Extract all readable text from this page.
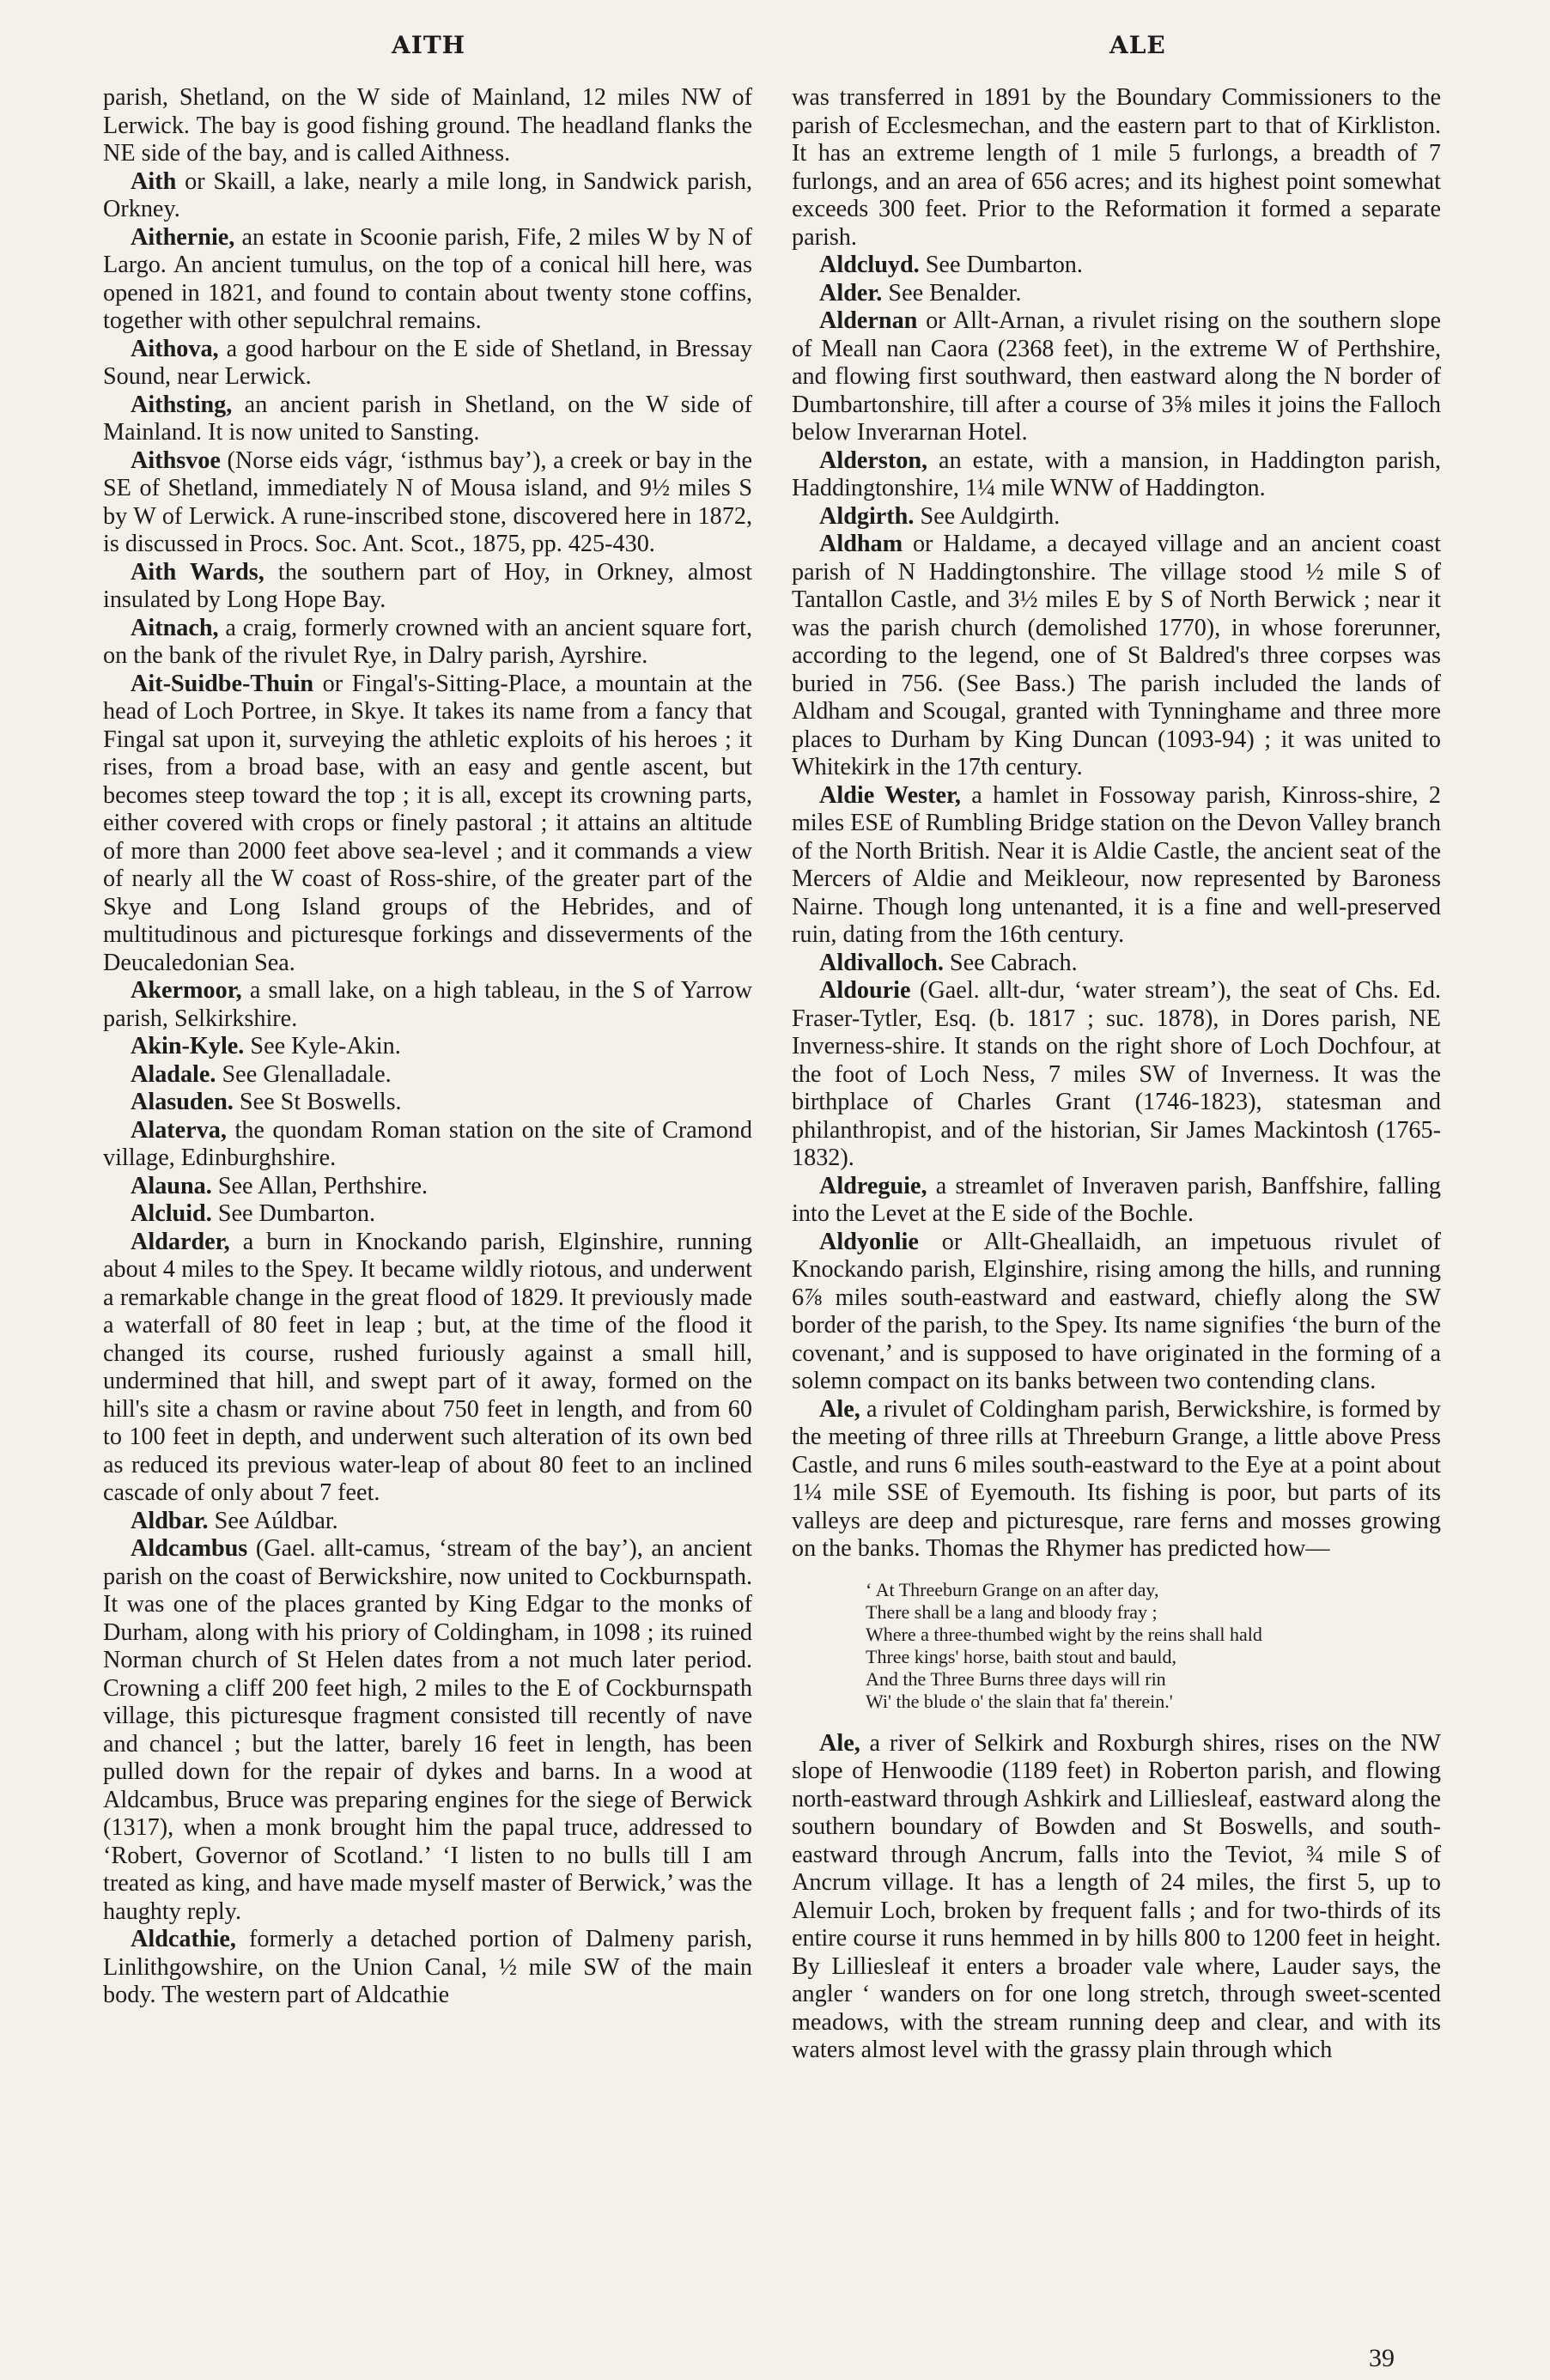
AITH	ALE

parish, Shetland, on the W side of Mainland, 12 miles NW of Lerwick. The bay is good fishing ground. The headland flanks the NE side of the bay, and is called Aithness.

Aith or Skaill, a lake, nearly a mile long, in Sandwick parish, Orkney.

Aithernie, an estate in Scoonie parish, Fife, 2 miles W by N of Largo. An ancient tumulus, on the top of a conical hill here, was opened in 1821, and found to contain about twenty stone coffins, together with other sepulchral remains.

Aithova, a good harbour on the E side of Shetland, in Bressay Sound, near Lerwick.

Aithsting, an ancient parish in Shetland, on the W side of Mainland. It is now united to Sansting.

Aithsvoe (Norse eids vágr, ‘isthmus bay’), a creek or bay in the SE of Shetland, immediately N of Mousa island, and 9½ miles S by W of Lerwick. A rune-inscribed stone, discovered here in 1872, is discussed in Procs. Soc. Ant. Scot., 1875, pp. 425-430.

Aith Wards, the southern part of Hoy, in Orkney, almost insulated by Long Hope Bay.

Aitnach, a craig, formerly crowned with an ancient square fort, on the bank of the rivulet Rye, in Dalry parish, Ayrshire.

Ait-Suidbe-Thuin or Fingal's-Sitting-Place, a mountain at the head of Loch Portree, in Skye. It takes its name from a fancy that Fingal sat upon it, surveying the athletic exploits of his heroes ; it rises, from a broad base, with an easy and gentle ascent, but becomes steep toward the top ; it is all, except its crowning parts, either covered with crops or finely pastoral ; it attains an altitude of more than 2000 feet above sea-level ; and it commands a view of nearly all the W coast of Ross-shire, of the greater part of the Skye and Long Island groups of the Hebrides, and of multitudinous and picturesque forkings and disseverments of the Deucaledonian Sea.

Akermoor, a small lake, on a high tableau, in the S of Yarrow parish, Selkirkshire.

Akin-Kyle. See Kyle-Akin.

Aladale. See Glenalladale.

Alasuden. See St Boswells.

Alaterva, the quondam Roman station on the site of Cramond village, Edinburghshire.

Alauna. See Allan, Perthshire.

Alcluid. See Dumbarton.

Aldarder, a burn in Knockando parish, Elginshire, running about 4 miles to the Spey. It became wildly riotous, and underwent a remarkable change in the great flood of 1829. It previously made a waterfall of 80 feet in leap ; but, at the time of the flood it changed its course, rushed furiously against a small hill, undermined that hill, and swept part of it away, formed on the hill's site a chasm or ravine about 750 feet in length, and from 60 to 100 feet in depth, and underwent such alteration of its own bed as reduced its previous water-leap of about 80 feet to an inclined cascade of only about 7 feet.

Aldbar. See Aúldbar.

Aldcambus (Gael. allt-camus, ‘stream of the bay’), an ancient parish on the coast of Berwickshire, now united to Cockburnspath. It was one of the places granted by King Edgar to the monks of Durham, along with his priory of Coldingham, in 1098 ; its ruined Norman church of St Helen dates from a not much later period. Crowning a cliff 200 feet high, 2 miles to the E of Cockburnspath village, this picturesque fragment consisted till recently of nave and chancel ; but the latter, barely 16 feet in length, has been pulled down for the repair of dykes and barns. In a wood at Aldcambus, Bruce was preparing engines for the siege of Berwick (1317), when a monk brought him the papal truce, addressed to ‘Robert, Governor of Scotland.’ ‘I listen to no bulls till I am treated as king, and have made myself master of Berwick,’ was the haughty reply.

Aldcathie, formerly a detached portion of Dalmeny parish, Linlithgowshire, on the Union Canal, ½ mile SW of the main body. The western part of Aldcathie

was transferred in 1891 by the Boundary Commissioners to the parish of Ecclesmechan, and the eastern part to that of Kirkliston. It has an extreme length of 1 mile 5 furlongs, a breadth of 7 furlongs, and an area of 656 acres; and its highest point somewhat exceeds 300 feet. Prior to the Reformation it formed a separate parish.

Aldcluyd. See Dumbarton.

Alder. See Benalder.

Aldernan or Allt-Arnan, a rivulet rising on the southern slope of Meall nan Caora (2368 feet), in the extreme W of Perthshire, and flowing first southward, then eastward along the N border of Dumbartonshire, till after a course of 3⅝ miles it joins the Falloch below Inverarnan Hotel.

Alderston, an estate, with a mansion, in Haddington parish, Haddingtonshire, 1¼ mile WNW of Haddington.

Aldgirth. See Auldgirth.

Aldham or Haldame, a decayed village and an ancient coast parish of N Haddingtonshire. The village stood ½ mile S of Tantallon Castle, and 3½ miles E by S of North Berwick ; near it was the parish church (demolished 1770), in whose forerunner, according to the legend, one of St Baldred's three corpses was buried in 756. (See Bass.) The parish included the lands of Aldham and Scougal, granted with Tynninghame and three more places to Durham by King Duncan (1093-94) ; it was united to Whitekirk in the 17th century.

Aldie Wester, a hamlet in Fossoway parish, Kinross-shire, 2 miles ESE of Rumbling Bridge station on the Devon Valley branch of the North British. Near it is Aldie Castle, the ancient seat of the Mercers of Aldie and Meikleour, now represented by Baroness Nairne. Though long untenanted, it is a fine and well-preserved ruin, dating from the 16th century.

Aldivalloch. See Cabrach.

Aldourie (Gael. allt-dur, ‘water stream’), the seat of Chs. Ed. Fraser-Tytler, Esq. (b. 1817 ; suc. 1878), in Dores parish, NE Inverness-shire. It stands on the right shore of Loch Dochfour, at the foot of Loch Ness, 7 miles SW of Inverness. It was the birthplace of Charles Grant (1746-1823), statesman and philanthropist, and of the historian, Sir James Mackintosh (1765-1832).

Aldreguie, a streamlet of Inveraven parish, Banffshire, falling into the Levet at the E side of the Bochle.

Aldyonlie or Allt-Gheallaidh, an impetuous rivulet of Knockando parish, Elginshire, rising among the hills, and running 6⅞ miles south-eastward and eastward, chiefly along the SW border of the parish, to the Spey. Its name signifies ‘the burn of the covenant,’ and is supposed to have originated in the forming of a solemn compact on its banks between two contending clans.

Ale, a rivulet of Coldingham parish, Berwickshire, is formed by the meeting of three rills at Threeburn Grange, a little above Press Castle, and runs 6 miles south-eastward to the Eye at a point about 1¼ mile SSE of Eyemouth. Its fishing is poor, but parts of its valleys are deep and picturesque, rare ferns and mosses growing on the banks. Thomas the Rhymer has predicted how—

‘ At Threeburn Grange on an after day,
There shall be a lang and bloody fray ;
Where a three-thumbed wight by the reins shall hald
Three kings' horse, baith stout and bauld,
And the Three Burns three days will rin
Wi' the blude o' the slain that fa' therein.'

Ale, a river of Selkirk and Roxburgh shires, rises on the NW slope of Henwoodie (1189 feet) in Roberton parish, and flowing north-eastward through Ashkirk and Lilliesleaf, eastward along the southern boundary of Bowden and St Boswells, and south-eastward through Ancrum, falls into the Teviot, ¾ mile S of Ancrum village. It has a length of 24 miles, the first 5, up to Alemuir Loch, broken by frequent falls ; and for two-thirds of its entire course it runs hemmed in by hills 800 to 1200 feet in height. By Lilliesleaf it enters a broader vale where, Lauder says, the angler ‘ wanders on for one long stretch, through sweet-scented meadows, with the stream running deep and clear, and with its waters almost level with the grassy plain through which

39
